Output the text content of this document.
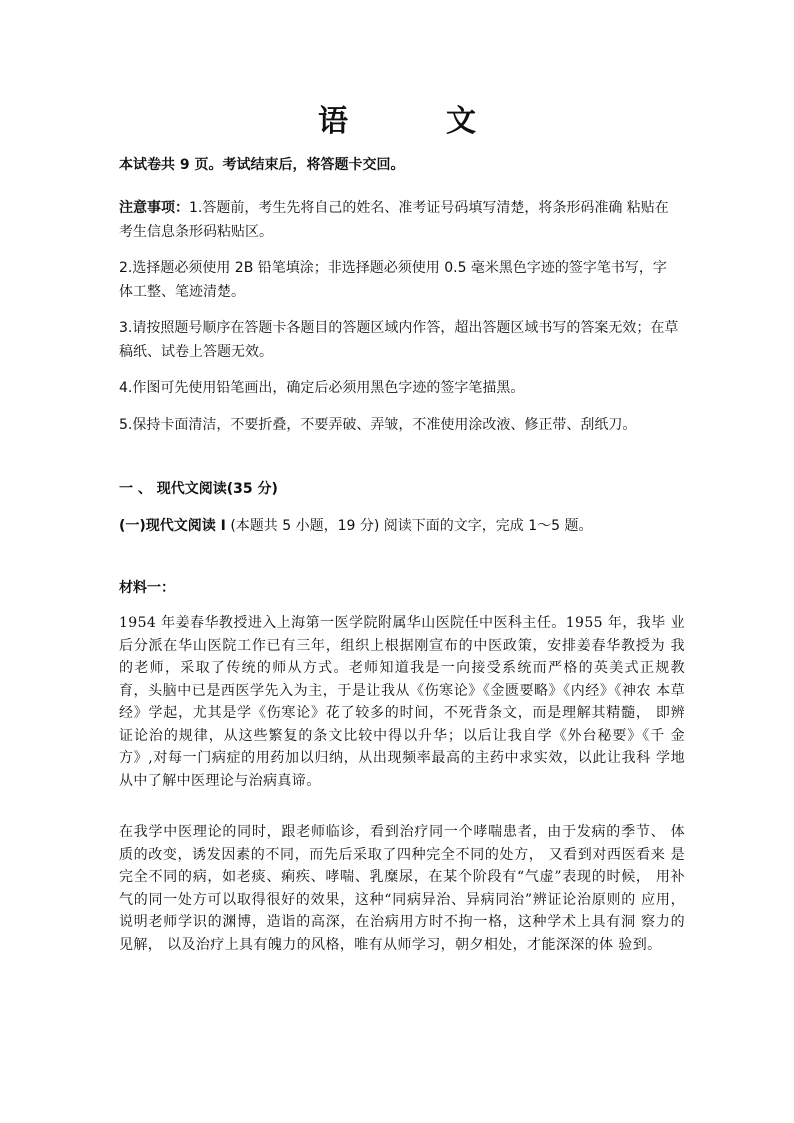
语　文
本试卷共 9 页。考试结束后，将答题卡交回。
注意事项：1.答题前，考生先将自己的姓名、准考证号码填写清楚，将条形码准确 粘贴在考生信息条形码粘贴区。
2.选择题必须使用 2B 铅笔填涂；非选择题必须使用 0.5 毫米黑色字迹的签字笔书写，字体工整、笔迹清楚。
3.请按照题号顺序在答题卡各题目的答题区域内作答，超出答题区域书写的答案无效；在草稿纸、试卷上答题无效。
4.作图可先使用铅笔画出，确定后必须用黑色字迹的签字笔描黑。
5.保持卡面清洁，不要折叠，不要弄破、弄皱，不准使用涂改液、修正带、刮纸刀。
一 、 现代文阅读(35 分)
(一)现代文阅读 I (本题共 5 小题，19 分) 阅读下面的文字，完成 1～5 题。
材料一：
1954 年姜春华教授进入上海第一医学院附属华山医院任中医科主任。1955 年，我毕 业后分派在华山医院工作已有三年，组织上根据刚宣布的中医政策，安排姜春华教授为 我的老师，采取了传统的师从方式。老师知道我是一向接受系统而严格的英美式正规教 育，头脑中已是西医学先入为主，于是让我从《伤寒论》《金匮要略》《内经》《神农 本草经》学起，尤其是学《伤寒论》花了较多的时间，不死背条文，而是理解其精髓， 即辨证论治的规律，从这些繁复的条文比较中得以升华；以后让我自学《外台秘要》《千 金方》,对每一门病症的用药加以归纳，从出现频率最高的主药中求实效，以此让我科 学地从中了解中医理论与治病真谛。
在我学中医理论的同时，跟老师临诊，看到治疗同一个哮喘患者，由于发病的季节、 体质的改变，诱发因素的不同，而先后采取了四种完全不同的处方， 又看到对西医看来 是完全不同的病，如老痰、痢疾、哮喘、乳糜尿，在某个阶段有“气虚”表现的时候， 用补气的同一处方可以取得很好的效果，这种“同病异治、异病同治”辨证论治原则的 应用，说明老师学识的渊博，造诣的高深，在治病用方时不拘一格，这种学术上具有洞 察力的见解， 以及治疗上具有魄力的风格，唯有从师学习，朝夕相处，才能深深的体 验到。
